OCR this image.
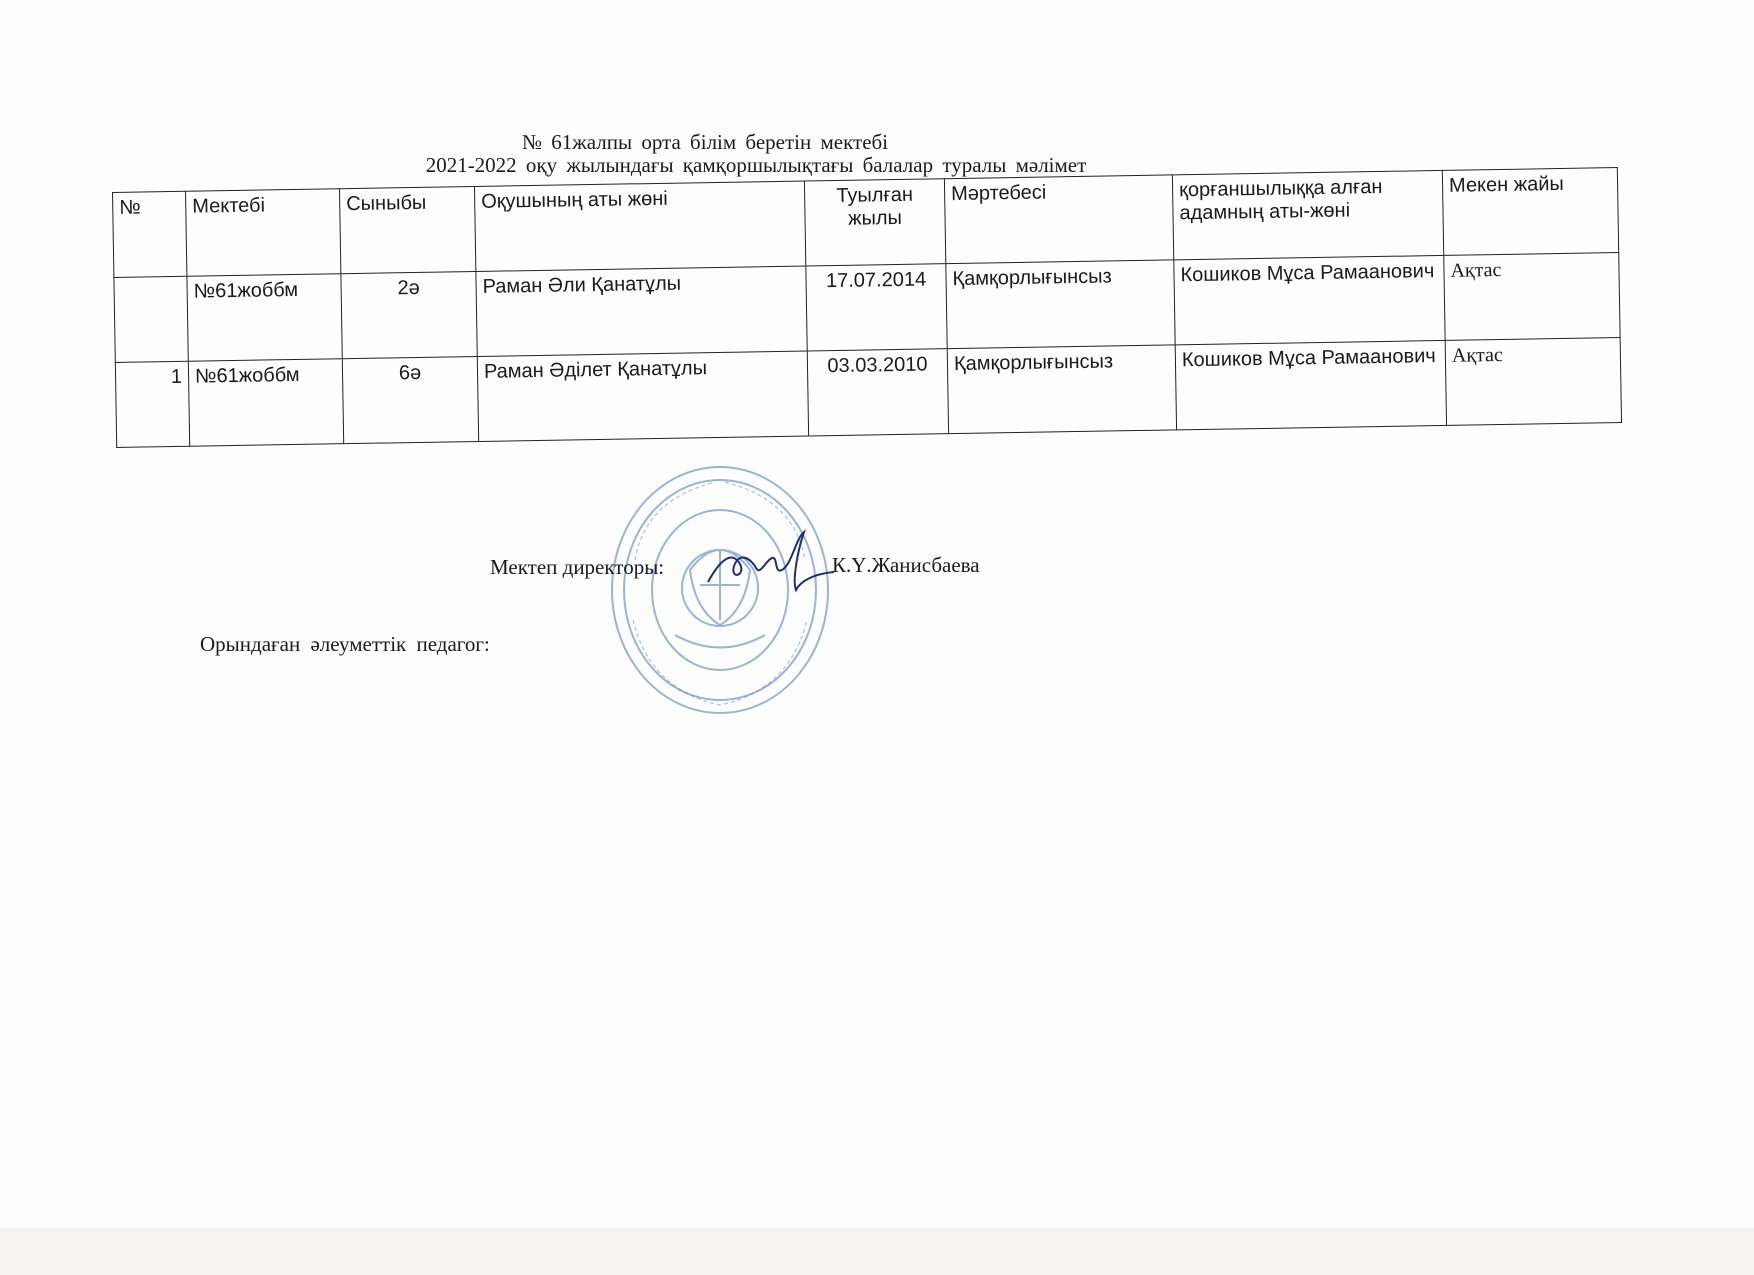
№ 61жалпы орта білім беретін мектебі
2021-2022 оқу жылындағы қамқоршылықтағы балалар туралы мәлімет
№	Мектебі	Сыныбы	Оқушының аты жөні	Туылған жылы	Мәртебесі	қорғаншылыққа алған адамның аты-жөні	Мекен жайы
	№61жоббм	2ә	Раман Әли Қанатұлы	17.07.2014	Қамқорлығынсыз	Кошиков Мұса Рамаанович	Ақтас
1	№61жоббм	6ә	Раман Әділет Қанатұлы	03.03.2010	Қамқорлығынсыз	Кошиков Мұса Рамаанович	Ақтас
Мектеп директоры:	К.Ү.Жанисбаева
Орындаған әлеуметтік педагог:
